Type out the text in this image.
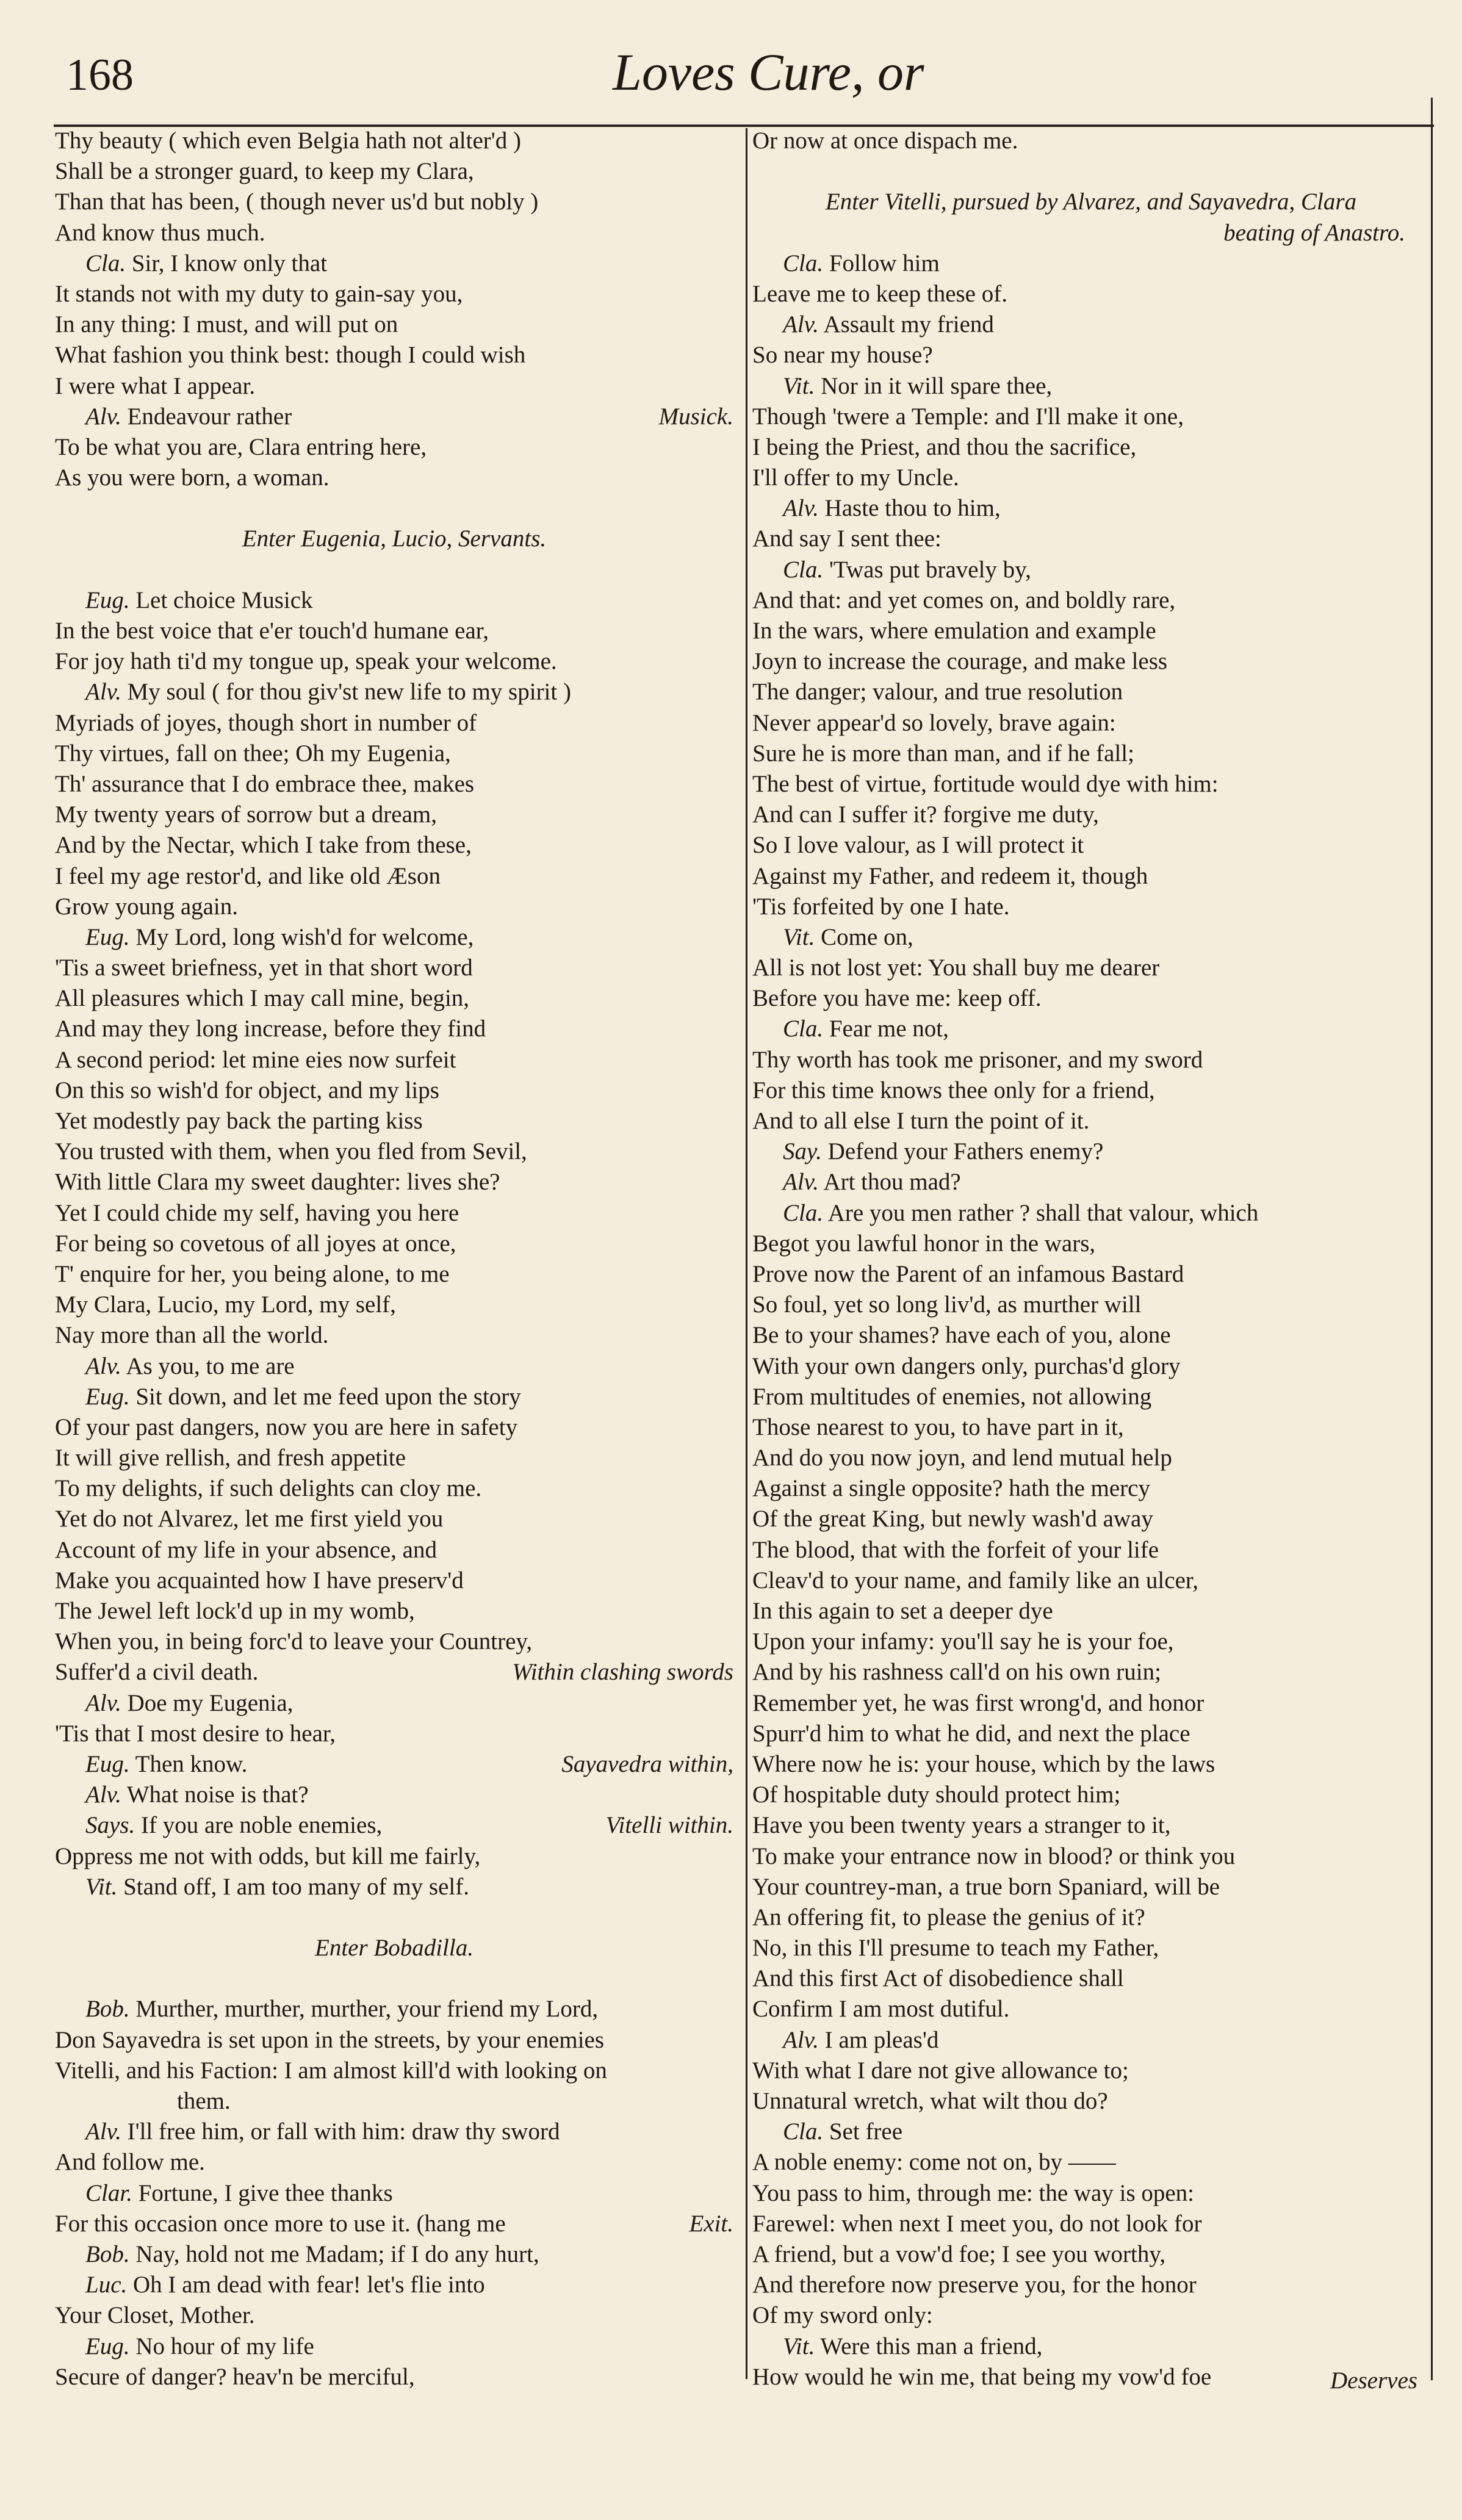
168	Loves Cure, or
Thy beauty ( which even Belgia hath not alter'd )
Shall be a stronger guard, to keep my Clara,
Than that has been, ( though never us'd but nobly )
And know thus much.
Cla. Sir, I know only that
It stands not with my duty to gain-say you,
In any thing: I must, and will put on
What fashion you think best: though I could wish
I were what I appear.
Alv. Endeavour rather	Musick.
To be what you are, Clara entring here,
As you were born, a woman.
Enter Eugenia, Lucio, Servants.
Eug. Let choice Musick
In the best voice that e'er touch'd humane ear,
For joy hath ti'd my tongue up, speak your welcome.
Alv. My soul ( for thou giv'st new life to my spirit )
Myriads of joyes, though short in number of
Thy virtues, fall on thee; Oh my Eugenia,
Th' assurance that I do embrace thee, makes
My twenty years of sorrow but a dream,
And by the Nectar, which I take from these,
I feel my age restor'd, and like old Æson
Grow young again.
Eug. My Lord, long wish'd for welcome,
'Tis a sweet briefness, yet in that short word
All pleasures which I may call mine, begin,
And may they long increase, before they find
A second period: let mine eies now surfeit
On this so wish'd for object, and my lips
Yet modestly pay back the parting kiss
You trusted with them, when you fled from Sevil,
With little Clara my sweet daughter: lives she?
Yet I could chide my self, having you here
For being so covetous of all joyes at once,
T' enquire for her, you being alone, to me
My Clara, Lucio, my Lord, my self,
Nay more than all the world.
Alv. As you, to me are
Eug. Sit down, and let me feed upon the story
Of your past dangers, now you are here in safety
It will give rellish, and fresh appetite
To my delights, if such delights can cloy me.
Yet do not Alvarez, let me first yield you
Account of my life in your absence, and
Make you acquainted how I have preserv'd
The Jewel left lock'd up in my womb,
When you, in being forc'd to leave your Countrey,
Suffer'd a civil death.	Within clashing swords
Alv. Doe my Eugenia,
'Tis that I most desire to hear,
Eug. Then know.	Sayavedra within,
Alv. What noise is that?
Says. If you are noble enemies,	Vitelli within.
Oppress me not with odds, but kill me fairly,
Vit. Stand off, I am too many of my self.
Enter Bobadilla.
Bob. Murther, murther, murther, your friend my Lord,
Don Sayavedra is set upon in the streets, by your enemies
Vitelli, and his Faction: I am almost kill'd with looking on
them.
Alv. I'll free him, or fall with him: draw thy sword
And follow me.
Clar. Fortune, I give thee thanks
For this occasion once more to use it. (hang me	Exit.
Bob. Nay, hold not me Madam; if I do any hurt,
Luc. Oh I am dead with fear! let's flie into
Your Closet, Mother.
Eug. No hour of my life
Secure of danger? heav'n be merciful,
Or now at once dispach me.
Enter Vitelli, pursued by Alvarez, and Sayavedra, Clara
beating of Anastro.
Cla. Follow him
Leave me to keep these of.
Alv. Assault my friend
So near my house?
Vit. Nor in it will spare thee,
Though 'twere a Temple: and I'll make it one,
I being the Priest, and thou the sacrifice,
I'll offer to my Uncle.
Alv. Haste thou to him,
And say I sent thee:
Cla. 'Twas put bravely by,
And that: and yet comes on, and boldly rare,
In the wars, where emulation and example
Joyn to increase the courage, and make less
The danger; valour, and true resolution
Never appear'd so lovely, brave again:
Sure he is more than man, and if he fall;
The best of virtue, fortitude would dye with him:
And can I suffer it? forgive me duty,
So I love valour, as I will protect it
Against my Father, and redeem it, though
'Tis forfeited by one I hate.
Vit. Come on,
All is not lost yet: You shall buy me dearer
Before you have me: keep off.
Cla. Fear me not,
Thy worth has took me prisoner, and my sword
For this time knows thee only for a friend,
And to all else I turn the point of it.
Say. Defend your Fathers enemy?
Alv. Art thou mad?
Cla. Are you men rather ? shall that valour, which
Begot you lawful honor in the wars,
Prove now the Parent of an infamous Bastard
So foul, yet so long liv'd, as murther will
Be to your shames? have each of you, alone
With your own dangers only, purchas'd glory
From multitudes of enemies, not allowing
Those nearest to you, to have part in it,
And do you now joyn, and lend mutual help
Against a single opposite? hath the mercy
Of the great King, but newly wash'd away
The blood, that with the forfeit of your life
Cleav'd to your name, and family like an ulcer,
In this again to set a deeper dye
Upon your infamy: you'll say he is your foe,
And by his rashness call'd on his own ruin;
Remember yet, he was first wrong'd, and honor
Spurr'd him to what he did, and next the place
Where now he is: your house, which by the laws
Of hospitable duty should protect him;
Have you been twenty years a stranger to it,
To make your entrance now in blood? or think you
Your countrey-man, a true born Spaniard, will be
An offering fit, to please the genius of it?
No, in this I'll presume to teach my Father,
And this first Act of disobedience shall
Confirm I am most dutiful.
Alv. I am pleas'd
With what I dare not give allowance to;
Unnatural wretch, what wilt thou do?
Cla. Set free
A noble enemy: come not on, by ——
You pass to him, through me: the way is open:
Farewel: when next I meet you, do not look for
A friend, but a vow'd foe; I see you worthy,
And therefore now preserve you, for the honor
Of my sword only:
Vit. Were this man a friend,
How would he win me, that being my vow'd foe	Deserves
